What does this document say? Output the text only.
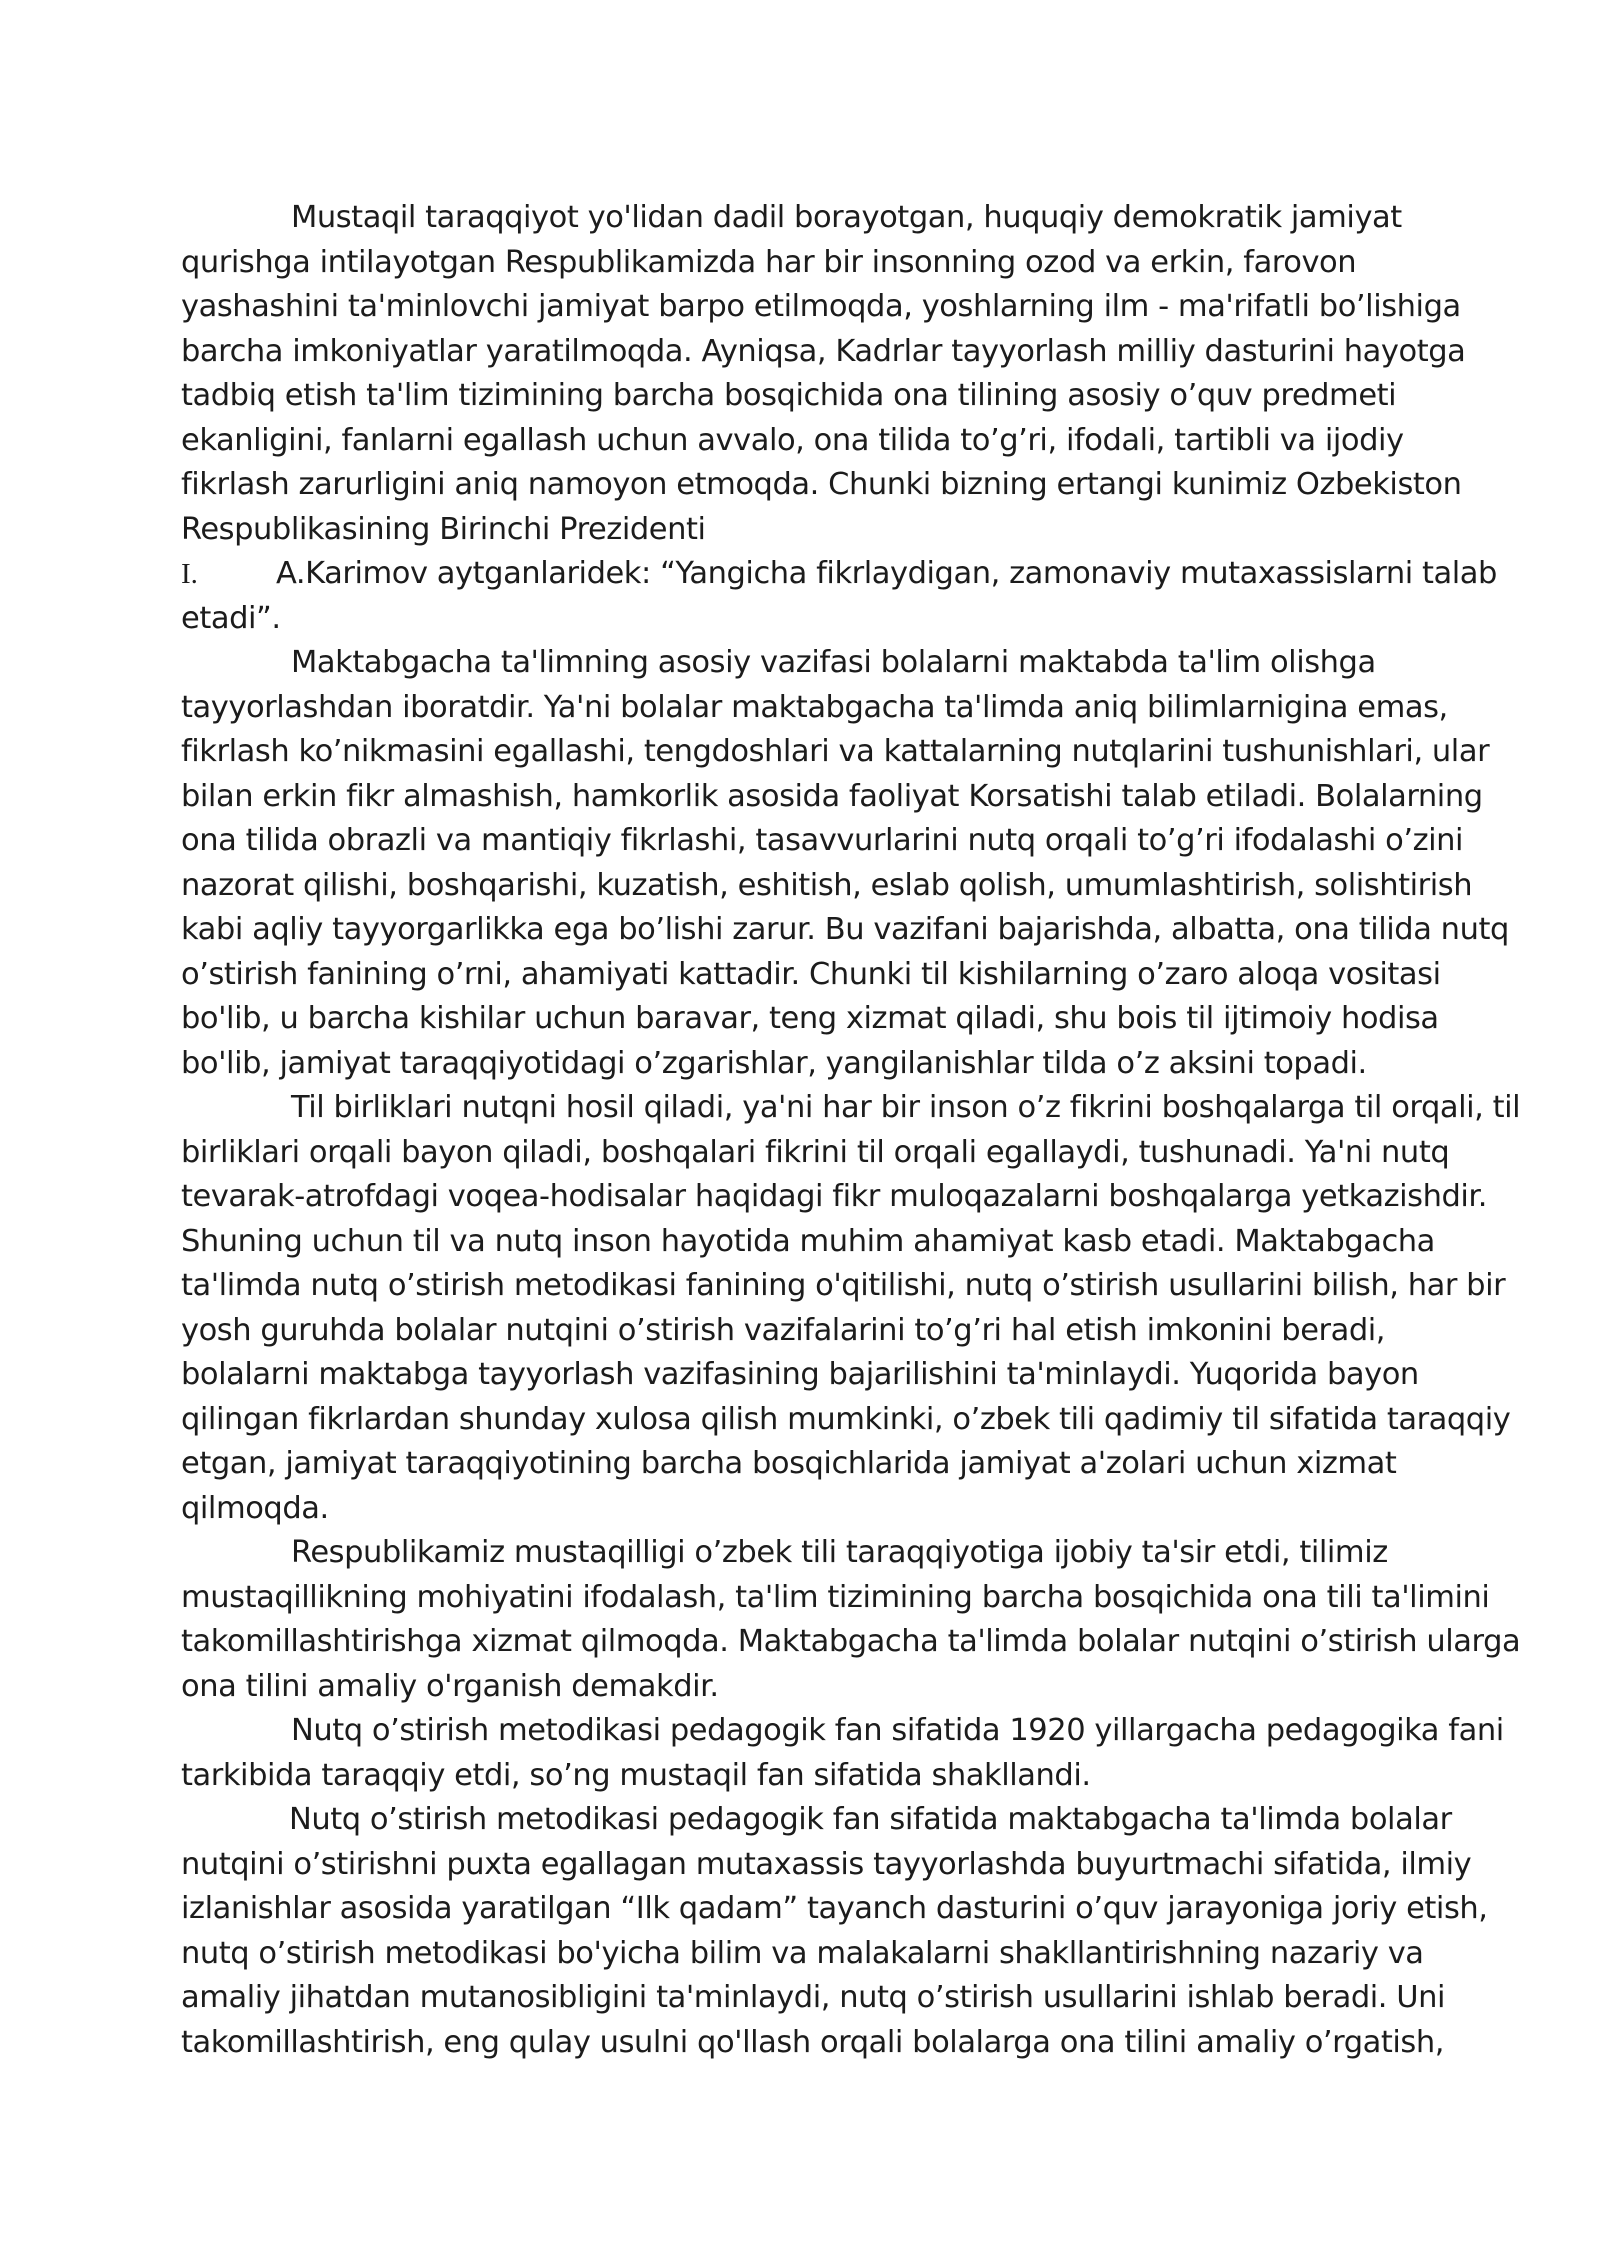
Mustaqil taraqqiyot yo'lidan dadil borayotgan, huquqiy demokratik jamiyat qurishga intilayotgan Respublikamizda har bir insonning ozod va erkin, farovon yashashini ta'minlovchi jamiyat barpo etilmoqda, yoshlarning ilm - ma'rifatli bo’lishiga barcha imkoniyatlar yaratilmoqda. Ayniqsa, Kadrlar tayyorlash milliy dasturini hayotga tadbiq etish ta'lim tizimining barcha bosqichida ona tilining asosiy o’quv predmeti ekanligini, fanlarni egallash uchun avvalo, ona tilida to’g’ri, ifodali, tartibli va ijodiy fikrlash zarurligini aniq namoyon etmoqda. Chunki bizning ertangi kunimiz Ozbekiston Respublikasining Birinchi Prezidenti

I.	A.Karimov aytganlaridek: “Yangicha fikrlaydigan, zamonaviy mutaxassislarni talab etadi”.

Maktabgacha ta'limning asosiy vazifasi bolalarni maktabda ta'lim olishga tayyorlashdan iboratdir. Ya'ni bolalar maktabgacha ta'limda aniq bilimlarnigina emas, fikrlash ko’nikmasini egallashi, tengdoshlari va kattalarning nutqlarini tushunishlari, ular bilan erkin fikr almashish, hamkorlik asosida faoliyat Korsatishi talab etiladi. Bolalarning ona tilida obrazli va mantiqiy fikrlashi, tasavvurlarini nutq orqali to’g’ri ifodalashi o’zini nazorat qilishi, boshqarishi, kuzatish, eshitish, eslab qolish, umumlashtirish, solishtirish kabi aqliy tayyorgarlikka ega bo’lishi zarur. Bu vazifani bajarishda, albatta, ona tilida nutq o’stirish fanining o’rni, ahamiyati kattadir. Chunki til kishilarning o’zaro aloqa vositasi bo'lib, u barcha kishilar uchun baravar, teng xizmat qiladi, shu bois til ijtimoiy hodisa bo'lib, jamiyat taraqqiyotidagi o’zgarishlar, yangilanishlar tilda o’z aksini topadi.

Til birliklari nutqni hosil qiladi, ya'ni har bir inson o’z fikrini boshqalarga til orqali, til birliklari orqali bayon qiladi, boshqalari fikrini til orqali egallaydi, tushunadi. Ya'ni nutq tevarak-atrofdagi voqea-hodisalar haqidagi fikr muloqazalarni boshqalarga yetkazishdir. Shuning uchun til va nutq inson hayotida muhim ahamiyat kasb etadi. Maktabgacha ta'limda nutq o’stirish metodikasi fanining o'qitilishi, nutq o’stirish usullarini bilish, har bir yosh guruhda bolalar nutqini o’stirish vazifalarini to’g’ri hal etish imkonini beradi, bolalarni maktabga tayyorlash vazifasining bajarilishini ta'minlaydi. Yuqorida bayon qilingan fikrlardan shunday xulosa qilish mumkinki, o’zbek tili qadimiy til sifatida taraqqiy etgan, jamiyat taraqqiyotining barcha bosqichlarida jamiyat a'zolari uchun xizmat qilmoqda.

Respublikamiz mustaqilligi o’zbek tili taraqqiyotiga ijobiy ta'sir etdi, tilimiz mustaqillikning mohiyatini ifodalash, ta'lim tizimining barcha bosqichida ona tili ta'limini takomillashtirishga xizmat qilmoqda. Maktabgacha ta'limda bolalar nutqini o’stirish ularga ona tilini amaliy o'rganish demakdir.

Nutq o’stirish metodikasi pedagogik fan sifatida 1920 yillargacha pedagogika fani tarkibida taraqqiy etdi, so’ng mustaqil fan sifatida shakllandi.

Nutq o’stirish metodikasi pedagogik fan sifatida maktabgacha ta'limda bolalar nutqini o’stirishni puxta egallagan mutaxassis tayyorlashda buyurtmachi sifatida, ilmiy izlanishlar asosida yaratilgan “Ilk qadam” tayanch dasturini o’quv jarayoniga joriy etish, nutq o’stirish metodikasi bo'yicha bilim va malakalarni shakllantirishning nazariy va amaliy jihatdan mutanosibligini ta'minlaydi, nutq o’stirish usullarini ishlab beradi. Uni takomillashtirish, eng qulay usulni qo'llash orqali bolalarga ona tilini amaliy o’rgatish,
